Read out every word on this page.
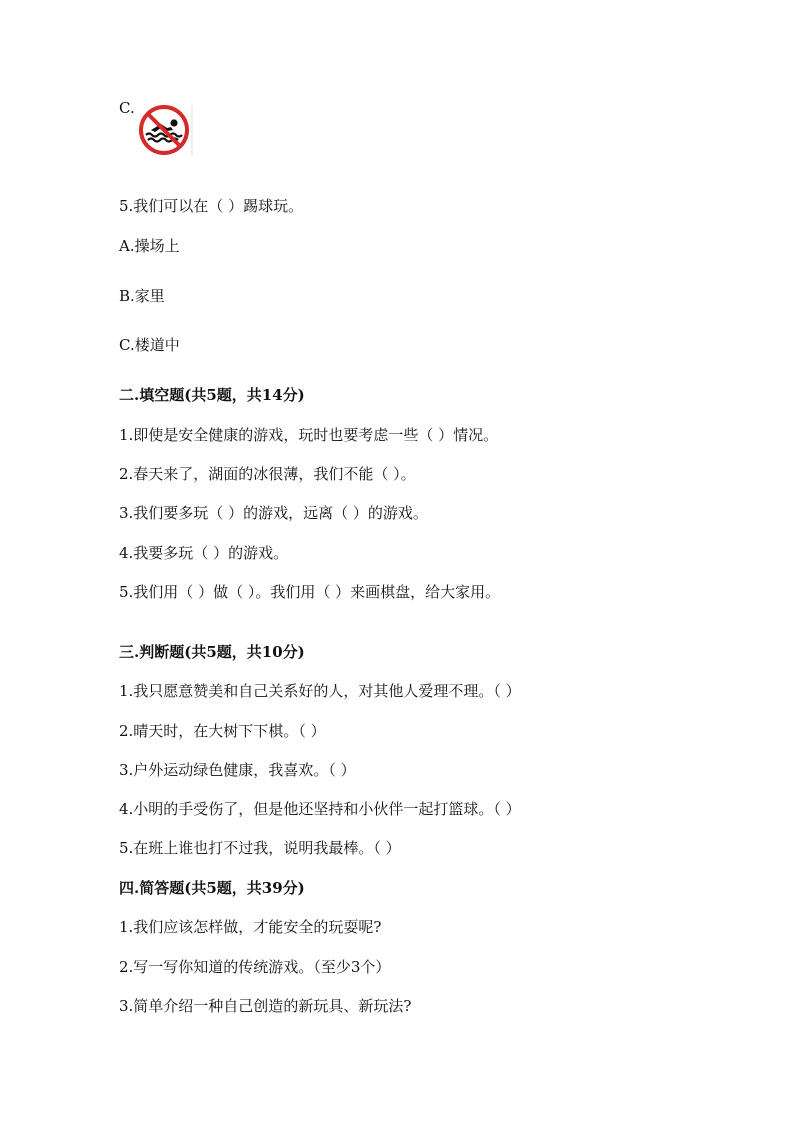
C.
5.我们可以在（ ）踢球玩。
A.操场上
B.家里
C.楼道中
二.填空题(共5题，共14分)
1.即使是安全健康的游戏，玩时也要考虑一些（ ）情况。
2.春天来了，湖面的冰很薄，我们不能（ ）。
3.我们要多玩（ ）的游戏，远离（ ）的游戏。
4.我要多玩（ ）的游戏。
5.我们用（ ）做（ ）。我们用（ ）来画棋盘，给大家用。
三.判断题(共5题，共10分)
1.我只愿意赞美和自己关系好的人，对其他人爱理不理。（ ）
2.晴天时，在大树下下棋。（ ）
3.户外运动绿色健康，我喜欢。（ ）
4.小明的手受伤了，但是他还坚持和小伙伴一起打篮球。（ ）
5.在班上谁也打不过我，说明我最棒。（ ）
四.简答题(共5题，共39分)
1.我们应该怎样做，才能安全的玩耍呢?
2.写一写你知道的传统游戏。（至少3个）
3.简单介绍一种自己创造的新玩具、新玩法?
